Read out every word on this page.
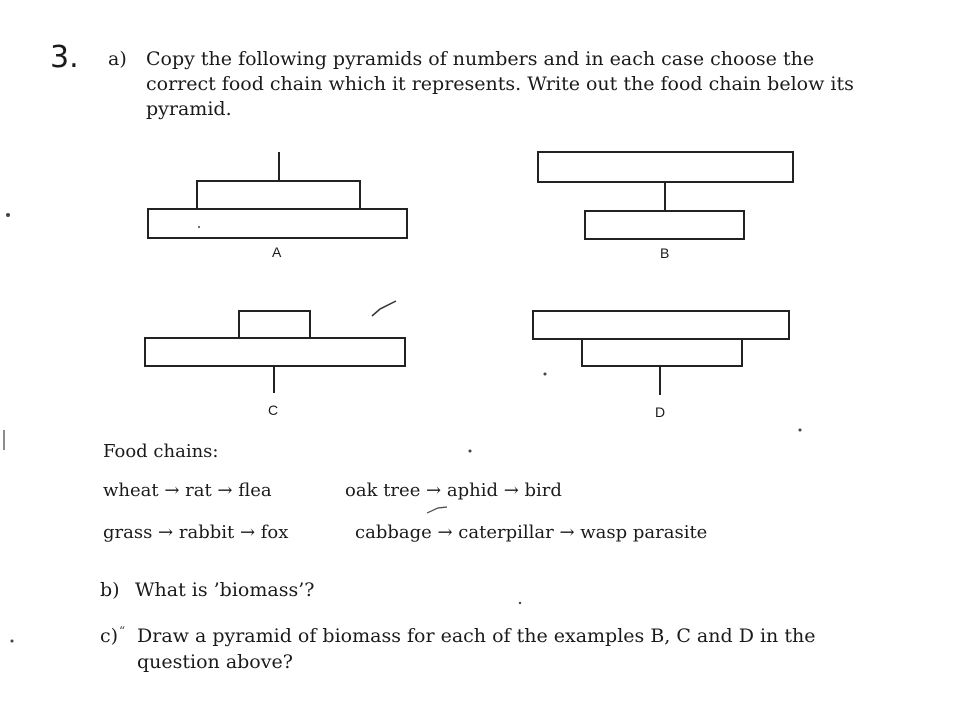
3. a) Copy the following pyramids of numbers and in each case choose the
correct food chain which it represents. Write out the food chain below its
pyramid.
A	B
C	D
Food chains:
wheat → rat → flea	oak tree → aphid → bird
grass → rabbit → fox	cabbage → caterpillar → wasp parasite
b) What is ’biomass’?
c) “ Draw a pyramid of biomass for each of the examples B, C and D in the
question above?
